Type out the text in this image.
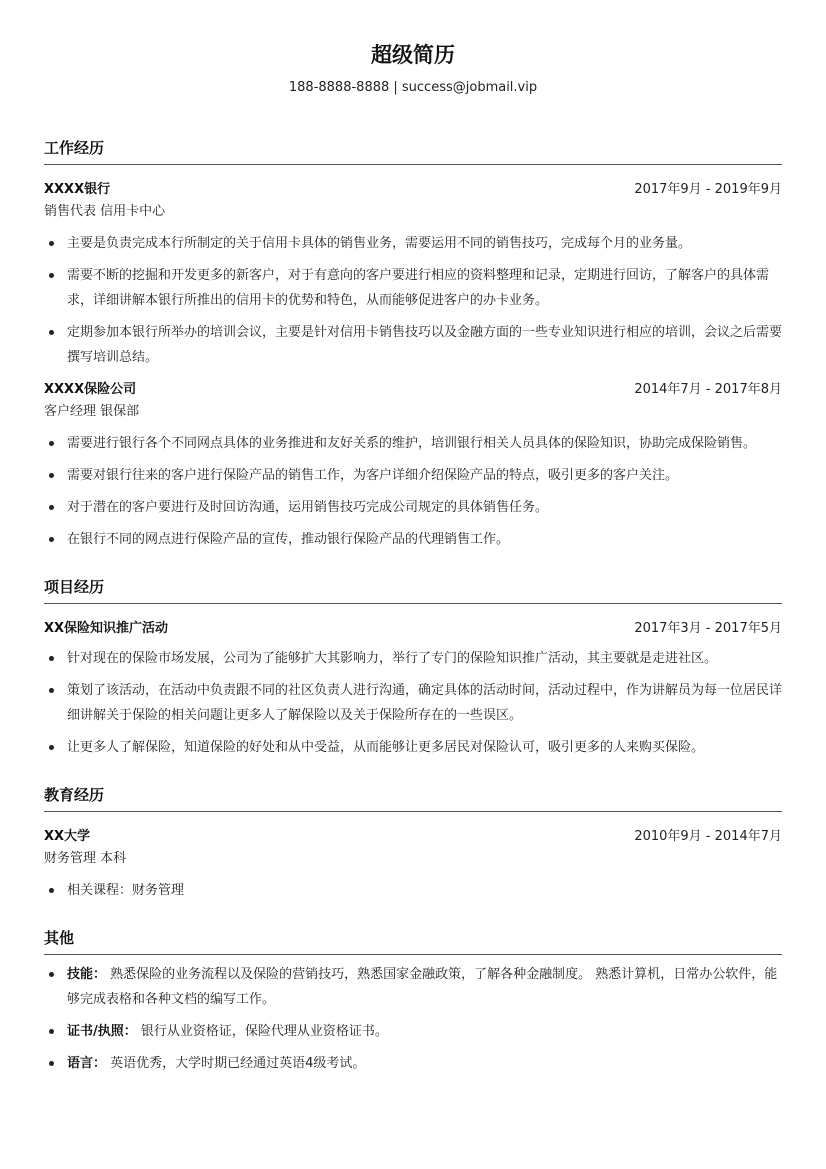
超级简历
188-8888-8888 | success@jobmail.vip
工作经历
XXXX银行	2017年9月 - 2019年9月
销售代表 信用卡中心
主要是负责完成本行所制定的关于信用卡具体的销售业务，需要运用不同的销售技巧，完成每个月的业务量。
需要不断的挖掘和开发更多的新客户，对于有意向的客户要进行相应的资料整理和记录，定期进行回访，了解客户的具体需求，详细讲解本银行所推出的信用卡的优势和特色，从而能够促进客户的办卡业务。
定期参加本银行所举办的培训会议，主要是针对信用卡销售技巧以及金融方面的一些专业知识进行相应的培训，会议之后需要撰写培训总结。
XXXX保险公司	2014年7月 - 2017年8月
客户经理 银保部
需要进行银行各个不同网点具体的业务推进和友好关系的维护，培训银行相关人员具体的保险知识，协助完成保险销售。
需要对银行往来的客户进行保险产品的销售工作，为客户详细介绍保险产品的特点，吸引更多的客户关注。
对于潜在的客户要进行及时回访沟通，运用销售技巧完成公司规定的具体销售任务。
在银行不同的网点进行保险产品的宣传，推动银行保险产品的代理销售工作。
项目经历
XX保险知识推广活动	2017年3月 - 2017年5月
针对现在的保险市场发展，公司为了能够扩大其影响力，举行了专门的保险知识推广活动，其主要就是走进社区。
策划了该活动，在活动中负责跟不同的社区负责人进行沟通，确定具体的活动时间，活动过程中，作为讲解员为每一位居民详细讲解关于保险的相关问题让更多人了解保险以及关于保险所存在的一些误区。
让更多人了解保险，知道保险的好处和从中受益，从而能够让更多居民对保险认可，吸引更多的人来购买保险。
教育经历
XX大学	2010年9月 - 2014年7月
财务管理 本科
相关课程：财务管理
其他
技能： 熟悉保险的业务流程以及保险的营销技巧，熟悉国家金融政策，了解各种金融制度。 熟悉计算机，日常办公软件，能够完成表格和各种文档的编写工作。
证书/执照： 银行从业资格证，保险代理从业资格证书。
语言： 英语优秀，大学时期已经通过英语4级考试。
